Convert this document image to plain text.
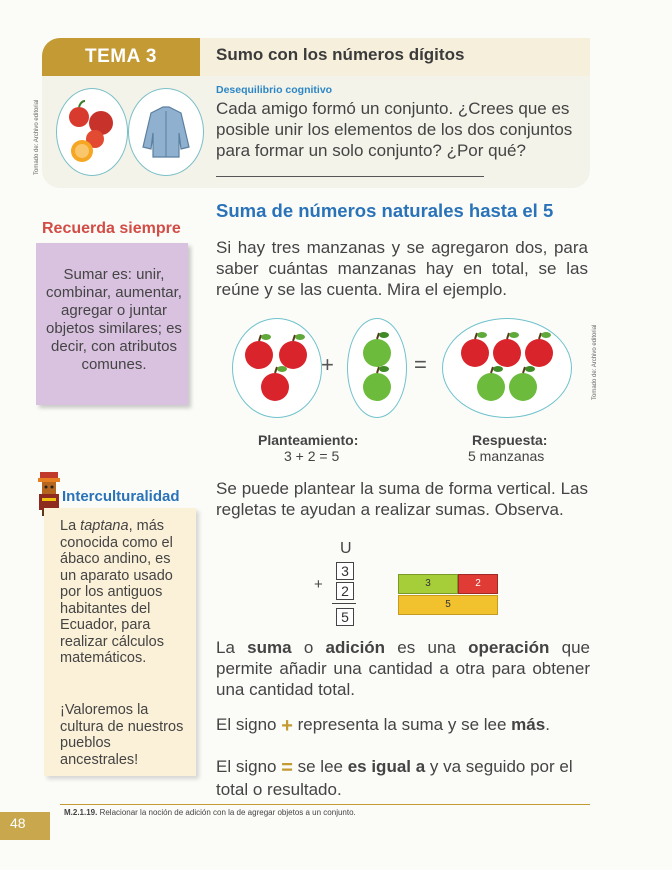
TEMA 3	Sumo con los números dígitos
Tomado de: Archivo editorial
Desequilibrio cognitivo
Cada amigo formó un conjunto. ¿Crees que es posible unir los elementos de los dos conjuntos para formar un solo conjunto? ¿Por qué?
Suma de números naturales hasta el 5
Recuerda siempre
Sumar es: unir, combinar, aumentar, agregar o juntar objetos similares; es decir, con atributos comunes.
Si hay tres manzanas y se agregaron dos, para saber cuántas manzanas hay en total, se las reúne y se las cuenta. Mira el ejemplo.
+	=	Tomado de: Archivo editorial
Planteamiento:
3 + 2 = 5
Respuesta:
5 manzanas
Interculturalidad
La taptana, más conocida como el ábaco andino, es un aparato usado por los antiguos habitantes del Ecuador, para realizar cálculos matemáticos.
¡Valoremos la cultura de nuestros pueblos ancestrales!
Se puede plantear la suma de forma vertical. Las regletas te ayudan a realizar sumas. Observa.
U
3
+	2
5
3	2
5
La suma o adición es una operación que permite añadir una cantidad a otra para obtener una cantidad total.
El signo + representa la suma y se lee más.
El signo = se lee es igual a y va seguido por el total o resultado.
48
M.2.1.19. Relacionar la noción de adición con la de agregar objetos a un conjunto.
